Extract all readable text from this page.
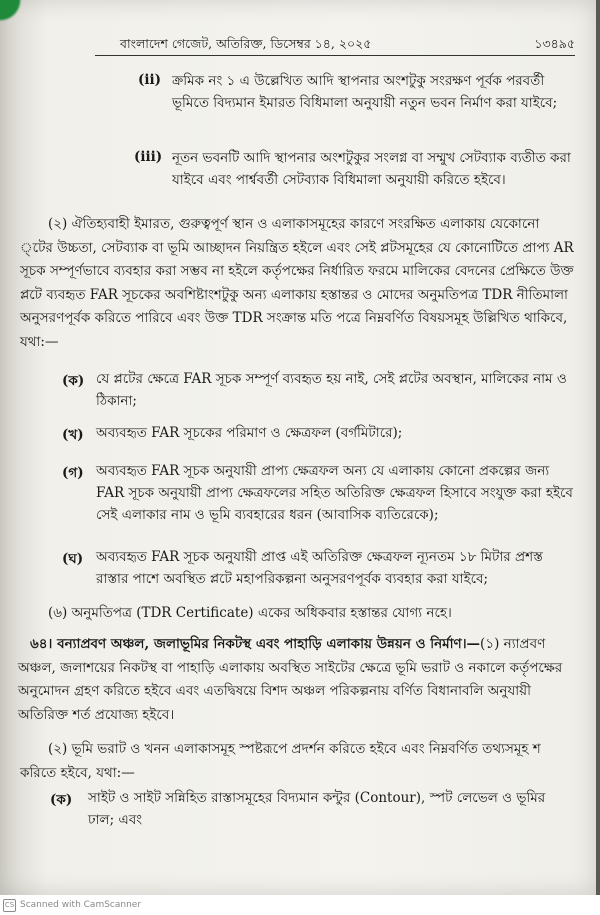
বাংলাদেশ গেজেট, অতিরিক্ত, ডিসেম্বর ১৪, ২০২৫	১৩৪৯৫
(ii) ক্রমিক নং ১ এ উল্লেখিত আদি স্থাপনার অংশটুকু সংরক্ষণ পূর্বক পরবর্তী ভূমিতে বিদ্যমান ইমারত বিধিমালা অনুযায়ী নতুন ভবন নির্মাণ করা যাইবে;

(iii) নূতন ভবনটি আদি স্থাপনার অংশটুকুর সংলগ্ন বা সম্মুখ সেটব্যাক ব্যতীত করা যাইবে এবং পার্শ্ববর্তী সেটব্যাক বিধিমালা অনুযায়ী করিতে হইবে।

(২) ঐতিহ্যবাহী ইমারত, গুরুত্বপূর্ণ স্থান ও এলাকাসমূহের কারণে সংরক্ষিত এলাকায় যেকোনো ্টের উচ্চতা, সেটব্যাক বা ভূমি আচ্ছাদন নিয়ন্ত্রিত হইলে এবং সেই প্লটসমূহের যে কোনোটিতে প্রাপ্য AR সূচক সম্পূর্ণভাবে ব্যবহার করা সম্ভব না হইলে কর্তৃপক্ষের নির্ধারিত ফরমে মালিকের বেদনের প্রেক্ষিতে উক্ত প্লটে ব্যবহৃত FAR সূচকের অবশিষ্টাংশটুকু অন্য এলাকায় হস্তান্তর ও মোদের অনুমতিপত্র TDR নীতিমালা অনুসরণপূর্বক করিতে পারিবে এবং উক্ত TDR সংক্রান্ত মতি পত্রে নিম্নবর্ণিত বিষয়সমূহ উল্লিখিত থাকিবে, যথা:—

(ক) যে প্লটের ক্ষেত্রে FAR সূচক সম্পূর্ণ ব্যবহৃত হয় নাই, সেই প্লটের অবস্থান, মালিকের নাম ও ঠিকানা;

(খ) অব্যবহৃত FAR সূচকের পরিমাণ ও ক্ষেত্রফল (বর্গমিটারে);

(গ) অব্যবহৃত FAR সূচক অনুযায়ী প্রাপ্য ক্ষেত্রফল অন্য যে এলাকায় কোনো প্রকল্পের জন্য FAR সূচক অনুযায়ী প্রাপ্য ক্ষেত্রফলের সহিত অতিরিক্ত ক্ষেত্রফল হিসাবে সংযুক্ত করা হইবে সেই এলাকার নাম ও ভূমি ব্যবহারের ধরন (আবাসিক ব্যতিরেকে);

(ঘ) অব্যবহৃত FAR সূচক অনুযায়ী প্রাপ্ত এই অতিরিক্ত ক্ষেত্রফল ন্যূনতম ১৮ মিটার প্রশস্ত রাস্তার পাশে অবস্থিত প্লটে মহাপরিকল্পনা অনুসরণপূর্বক ব্যবহার করা যাইবে;

(৬) অনুমতিপত্র (TDR Certificate) একের অধিকবার হস্তান্তর যোগ্য নহে।

৬৪। বন্যাপ্রবণ অঞ্চল, জলাভূমির নিকটস্থ এবং পাহাড়ি এলাকায় উন্নয়ন ও নির্মাণ।—(১) ন্যাপ্রবণ অঞ্চল, জলাশয়ের নিকটস্থ বা পাহাড়ি এলাকায় অবস্থিত সাইটের ক্ষেত্রে ভূমি ভরাট ও নকালে কর্তৃপক্ষের অনুমোদন গ্রহণ করিতে হইবে এবং এতদ্বিষয়ে বিশদ অঞ্চল পরিকল্পনায় বর্ণিত বিধানাবলি অনুযায়ী অতিরিক্ত শর্ত প্রযোজ্য হইবে।

(২) ভূমি ভরাট ও খনন এলাকাসমূহ স্পষ্টরূপে প্রদর্শন করিতে হইবে এবং নিম্নবর্ণিত তথ্যসমূহ শ করিতে হইবে, যথা:—

(ক) সাইট ও সাইট সন্নিহিত রাস্তাসমূহের বিদ্যমান কন্টুর (Contour), স্পট লেভেল ও ভূমির ঢাল; এবং

CS Scanned with CamScanner
